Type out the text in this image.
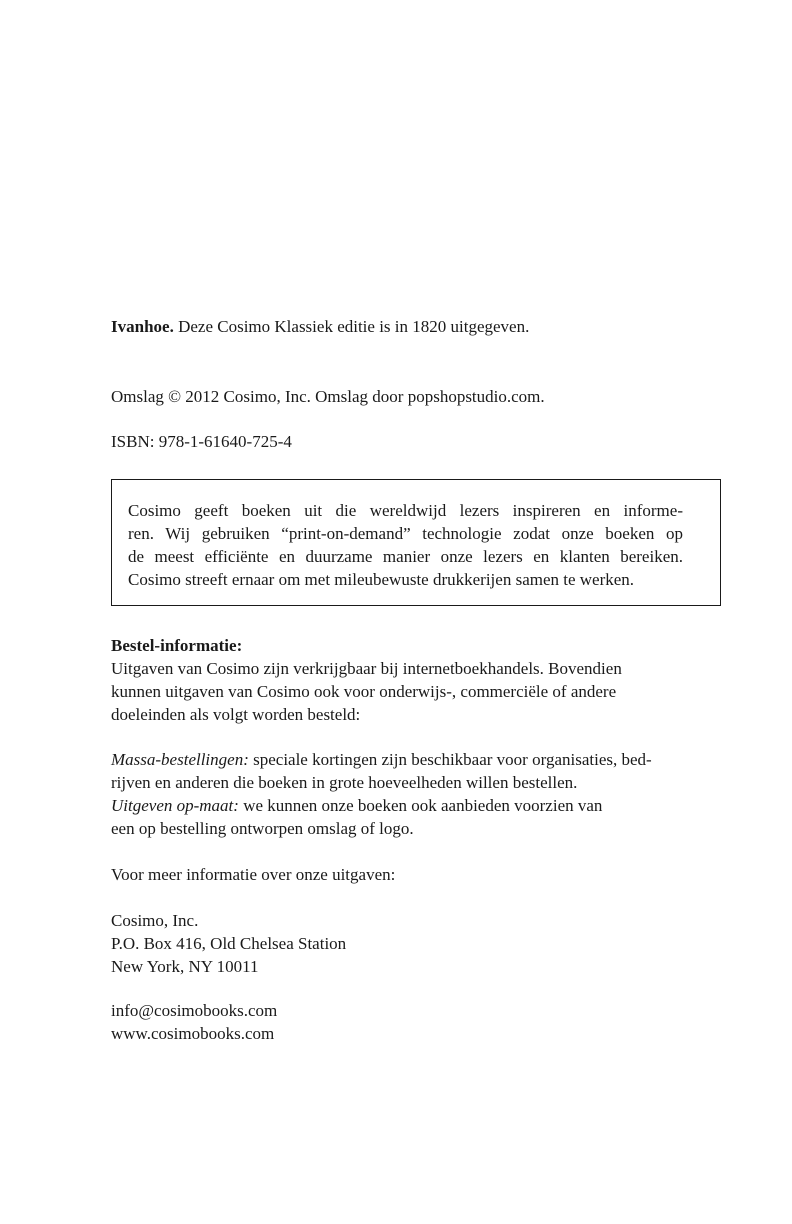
Ivanhoe. Deze Cosimo Klassiek editie is in 1820 uitgegeven.

Omslag © 2012 Cosimo, Inc. Omslag door popshopstudio.com.

ISBN: 978-1-61640-725-4

Cosimo geeft boeken uit die wereldwijd lezers inspireren en informe-
ren. Wij gebruiken “print-on-demand” technologie zodat onze boeken op
de meest efficiënte en duurzame manier onze lezers en klanten bereiken.
Cosimo streeft ernaar om met mileubewuste drukkerijen samen te werken.
Bestel-informatie:
Uitgaven van Cosimo zijn verkrijgbaar bij internetboekhandels. Bovendien
kunnen uitgaven van Cosimo ook voor onderwijs-, commerciële of andere
doeleinden als volgt worden besteld:
Massa-bestellingen: speciale kortingen zijn beschikbaar voor organisaties, bed-
rijven en anderen die boeken in grote hoeveelheden willen bestellen.
Uitgeven op-maat: we kunnen onze boeken ook aanbieden voorzien van
een op bestelling ontworpen omslag of logo.

Voor meer informatie over onze uitgaven:

Cosimo, Inc.
P.O. Box 416, Old Chelsea Station
New York, NY 10011
info@cosimobooks.com
www.cosimobooks.com
